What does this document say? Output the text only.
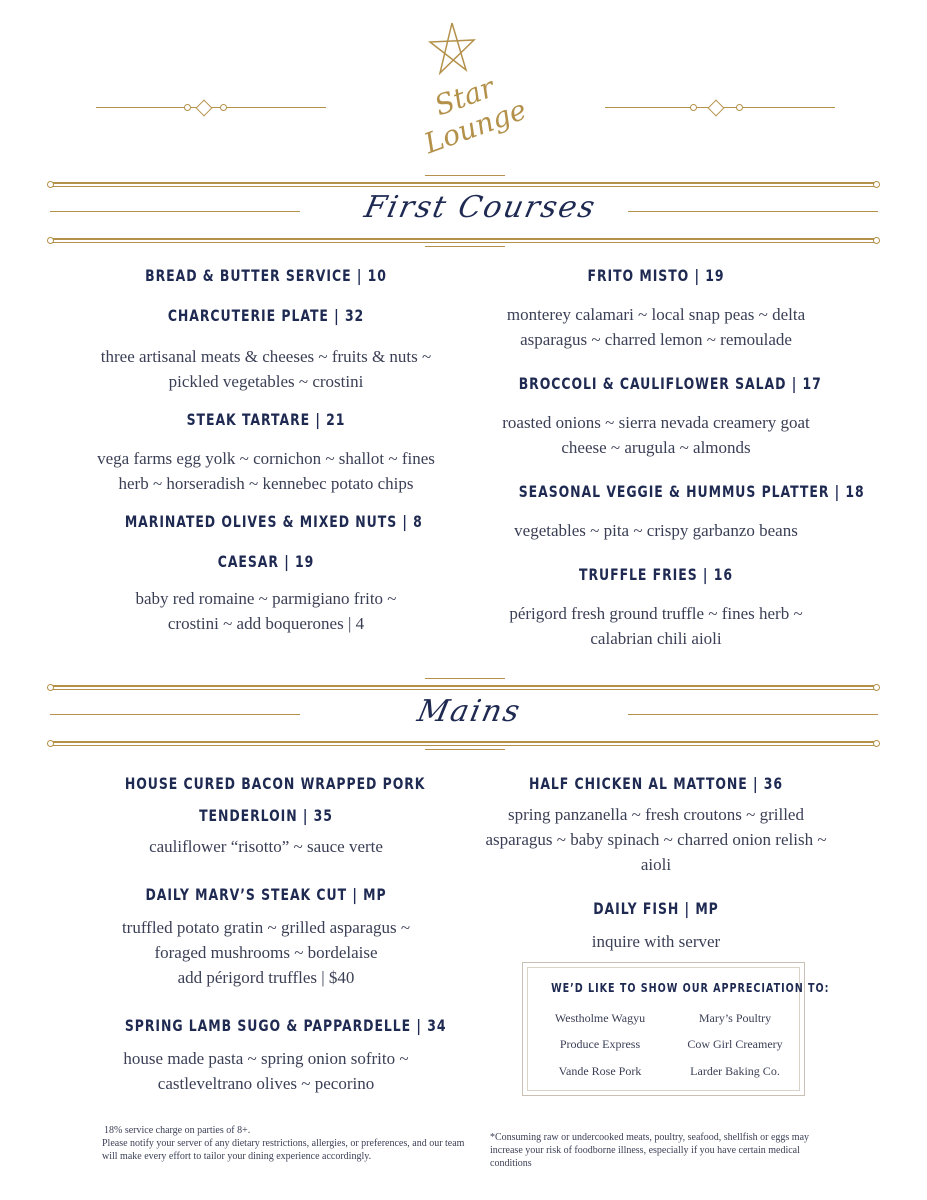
Star Lounge
First Courses
BREAD & BUTTER SERVICE | 10
CHARCUTERIE PLATE | 32
three artisanal meats & cheeses ~ fruits & nuts ~ pickled vegetables ~ crostini
STEAK TARTARE | 21
vega farms egg yolk ~ cornichon ~ shallot ~ fines herb ~ horseradish ~ kennebec potato chips
MARINATED OLIVES & MIXED NUTS | 8
CAESAR | 19
baby red romaine ~ parmigiano frito ~ crostini ~ add boquerones | 4
FRITO MISTO | 19
monterey calamari ~ local snap peas ~ delta asparagus ~ charred lemon ~ remoulade
BROCCOLI & CAULIFLOWER SALAD | 17
roasted onions ~ sierra nevada creamery goat cheese ~ arugula ~ almonds
SEASONAL VEGGIE & HUMMUS PLATTER | 18
vegetables ~ pita ~ crispy garbanzo beans
TRUFFLE FRIES | 16
périgord fresh ground truffle ~ fines herb ~ calabrian chili aioli
Mains
HOUSE CURED BACON WRAPPED PORK
TENDERLOIN | 35
cauliflower “risotto” ~ sauce verte
DAILY MARV’S STEAK CUT | MP
truffled potato gratin ~ grilled asparagus ~ foraged mushrooms ~ bordelaise
add périgord truffles | $40
SPRING LAMB SUGO & PAPPARDELLE | 34
house made pasta ~ spring onion sofrito ~ castleveltrano olives ~ pecorino
HALF CHICKEN AL MATTONE | 36
spring panzanella ~ fresh croutons ~ grilled asparagus ~ baby spinach ~ charred onion relish ~ aioli
DAILY FISH | MP
inquire with server
WE’D LIKE TO SHOW OUR APPRECIATION TO:
Westholme Wagyu	Mary’s Poultry
Produce Express	Cow Girl Creamery
Vande Rose Pork	Larder Baking Co.
18% service charge on parties of 8+.
Please notify your server of any dietary restrictions, allergies, or preferences, and our team will make every effort to tailor your dining experience accordingly.
*Consuming raw or undercooked meats, poultry, seafood, shellfish or eggs may increase your risk of foodborne illness, especially if you have certain medical conditions
